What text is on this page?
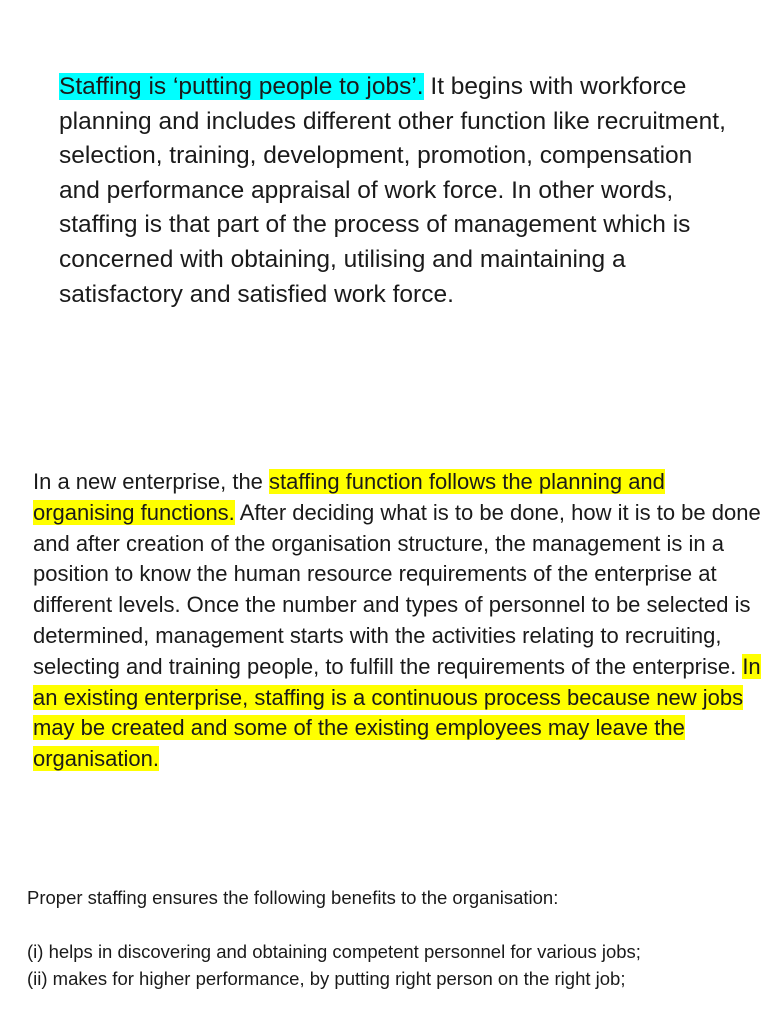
Staffing is ‘putting people to jobs’. It begins with workforce planning and includes different other function like recruitment, selection, training, development, promotion, compensation and performance appraisal of work force. In other words, staffing is that part of the process of management which is concerned with obtaining, utilising and maintaining a satisfactory and satisfied work force.

In a new enterprise, the staffing function follows the planning and organising functions. After deciding what is to be done, how it is to be done and after creation of the organisation structure, the management is in a position to know the human resource requirements of the enterprise at different levels. Once the number and types of personnel to be selected is determined, management starts with the activities relating to recruiting, selecting and training people, to fulfill the requirements of the enterprise. In an existing enterprise, staffing is a continuous process because new jobs may be created and some of the existing employees may leave the organisation.

Proper staffing ensures the following benefits to the organisation:

(i) helps in discovering and obtaining competent personnel for various jobs;
(ii) makes for higher performance, by putting right person on the right job;
